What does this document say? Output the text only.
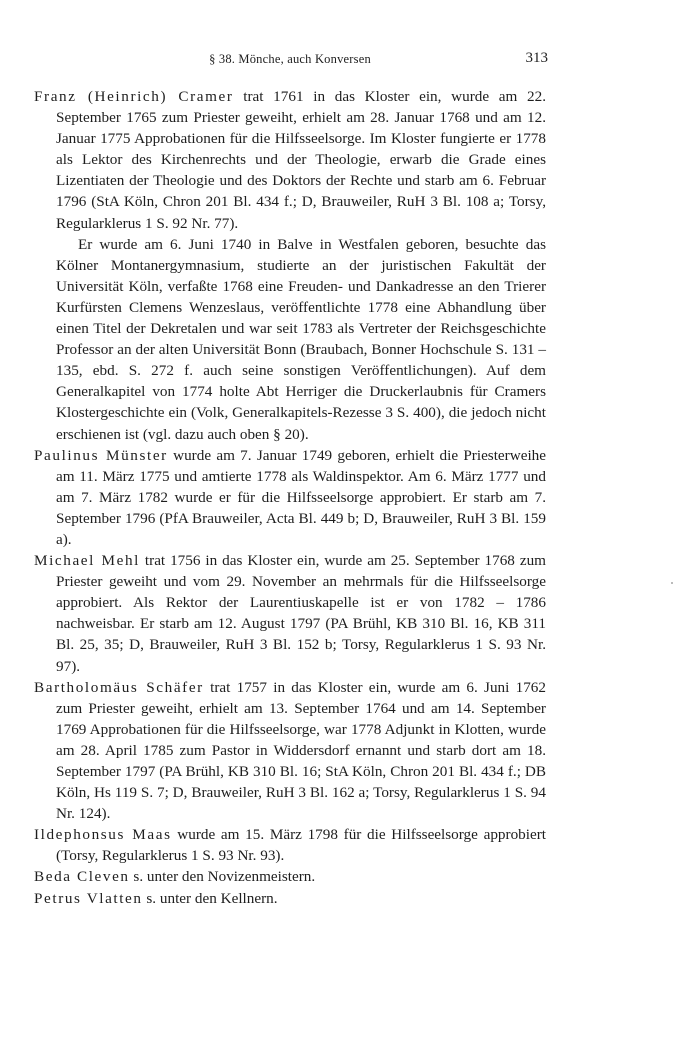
§ 38. Mönche, auch Konversen	313

Franz (Heinrich) Cramer trat 1761 in das Kloster ein, wurde am 22. September 1765 zum Priester geweiht, erhielt am 28. Januar 1768 und am 12. Januar 1775 Approbationen für die Hilfsseelsorge. Im Kloster fungierte er 1778 als Lektor des Kirchenrechts und der Theologie, erwarb die Grade eines Lizentiaten der Theologie und des Doktors der Rechte und starb am 6. Februar 1796 (StA Köln, Chron 201 Bl. 434 f.; D, Brauweiler, RuH 3 Bl. 108 a; Torsy, Regularklerus 1 S. 92 Nr. 77).

Er wurde am 6. Juni 1740 in Balve in Westfalen geboren, besuchte das Kölner Montanergymnasium, studierte an der juristischen Fakultät der Universität Köln, verfaßte 1768 eine Freuden- und Dankadresse an den Trierer Kurfürsten Clemens Wenzeslaus, veröffentlichte 1778 eine Abhandlung über einen Titel der Dekretalen und war seit 1783 als Vertreter der Reichsgeschichte Professor an der alten Universität Bonn (Braubach, Bonner Hochschule S. 131 – 135, ebd. S. 272 f. auch seine sonstigen Veröffentlichungen). Auf dem Generalkapitel von 1774 holte Abt Herriger die Druckerlaubnis für Cramers Klostergeschichte ein (Volk, Generalkapitels-Rezesse 3 S. 400), die jedoch nicht erschienen ist (vgl. dazu auch oben § 20).

Paulinus Münster wurde am 7. Januar 1749 geboren, erhielt die Priesterweihe am 11. März 1775 und amtierte 1778 als Waldinspektor. Am 6. März 1777 und am 7. März 1782 wurde er für die Hilfsseelsorge approbiert. Er starb am 7. September 1796 (PfA Brauweiler, Acta Bl. 449 b; D, Brauweiler, RuH 3 Bl. 159 a).

Michael Mehl trat 1756 in das Kloster ein, wurde am 25. September 1768 zum Priester geweiht und vom 29. November an mehrmals für die Hilfsseelsorge approbiert. Als Rektor der Laurentiuskapelle ist er von 1782 – 1786 nachweisbar. Er starb am 12. August 1797 (PA Brühl, KB 310 Bl. 16, KB 311 Bl. 25, 35; D, Brauweiler, RuH 3 Bl. 152 b; Torsy, Regularklerus 1 S. 93 Nr. 97).

Bartholomäus Schäfer trat 1757 in das Kloster ein, wurde am 6. Juni 1762 zum Priester geweiht, erhielt am 13. September 1764 und am 14. September 1769 Approbationen für die Hilfsseelsorge, war 1778 Adjunkt in Klotten, wurde am 28. April 1785 zum Pastor in Widdersdorf ernannt und starb dort am 18. September 1797 (PA Brühl, KB 310 Bl. 16; StA Köln, Chron 201 Bl. 434 f.; DB Köln, Hs 119 S. 7; D, Brauweiler, RuH 3 Bl. 162 a; Torsy, Regularklerus 1 S. 94 Nr. 124).

Ildephonsus Maas wurde am 15. März 1798 für die Hilfsseelsorge approbiert (Torsy, Regularklerus 1 S. 93 Nr. 93).

Beda Cleven s. unter den Novizenmeistern.

Petrus Vlatten s. unter den Kellnern.
